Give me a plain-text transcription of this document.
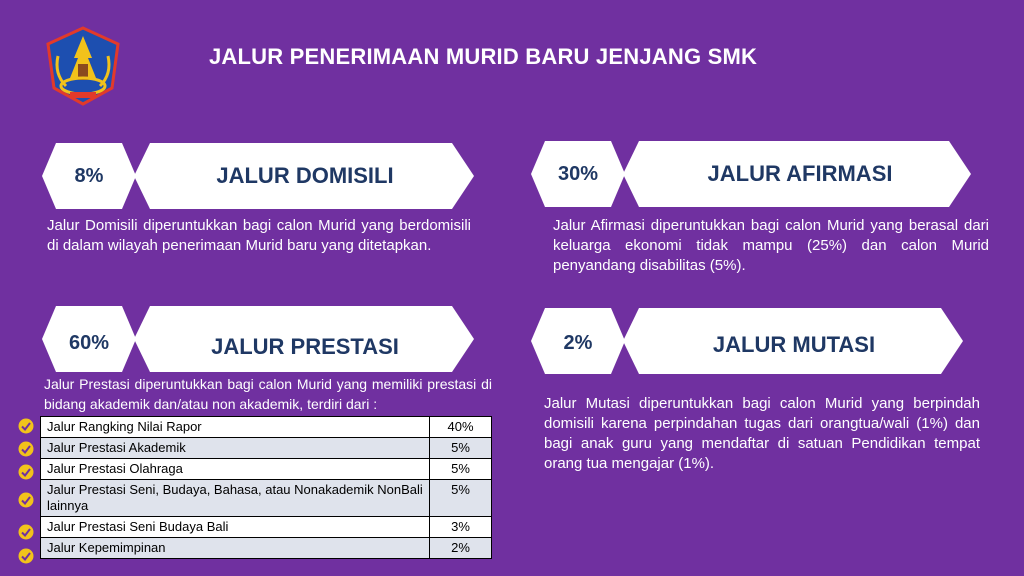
JALUR PENERIMAAN MURID BARU JENJANG SMK
8%	JALUR DOMISILI
Jalur Domisili diperuntukkan bagi calon Murid yang berdomisili di dalam wilayah penerimaan Murid baru yang ditetapkan.
30%	JALUR AFIRMASI
Jalur Afirmasi diperuntukkan bagi calon Murid yang berasal dari keluarga ekonomi tidak mampu (25%) dan calon Murid penyandang disabilitas (5%).
60%	JALUR PRESTASI
Jalur Prestasi diperuntukkan bagi calon Murid yang memiliki prestasi di bidang akademik dan/atau non akademik, terdiri dari :
Jalur Rangking Nilai Rapor	40%
Jalur Prestasi Akademik	5%
Jalur Prestasi Olahraga	5%
Jalur Prestasi Seni, Budaya, Bahasa, atau Nonakademik NonBali lainnya	5%
Jalur Prestasi Seni Budaya Bali	3%
Jalur Kepemimpinan	2%
2%	JALUR MUTASI
Jalur Mutasi diperuntukkan bagi calon Murid yang berpindah domisili karena perpindahan tugas dari orangtua/wali (1%) dan bagi anak guru yang mendaftar di satuan Pendidikan tempat orang tua mengajar (1%).
